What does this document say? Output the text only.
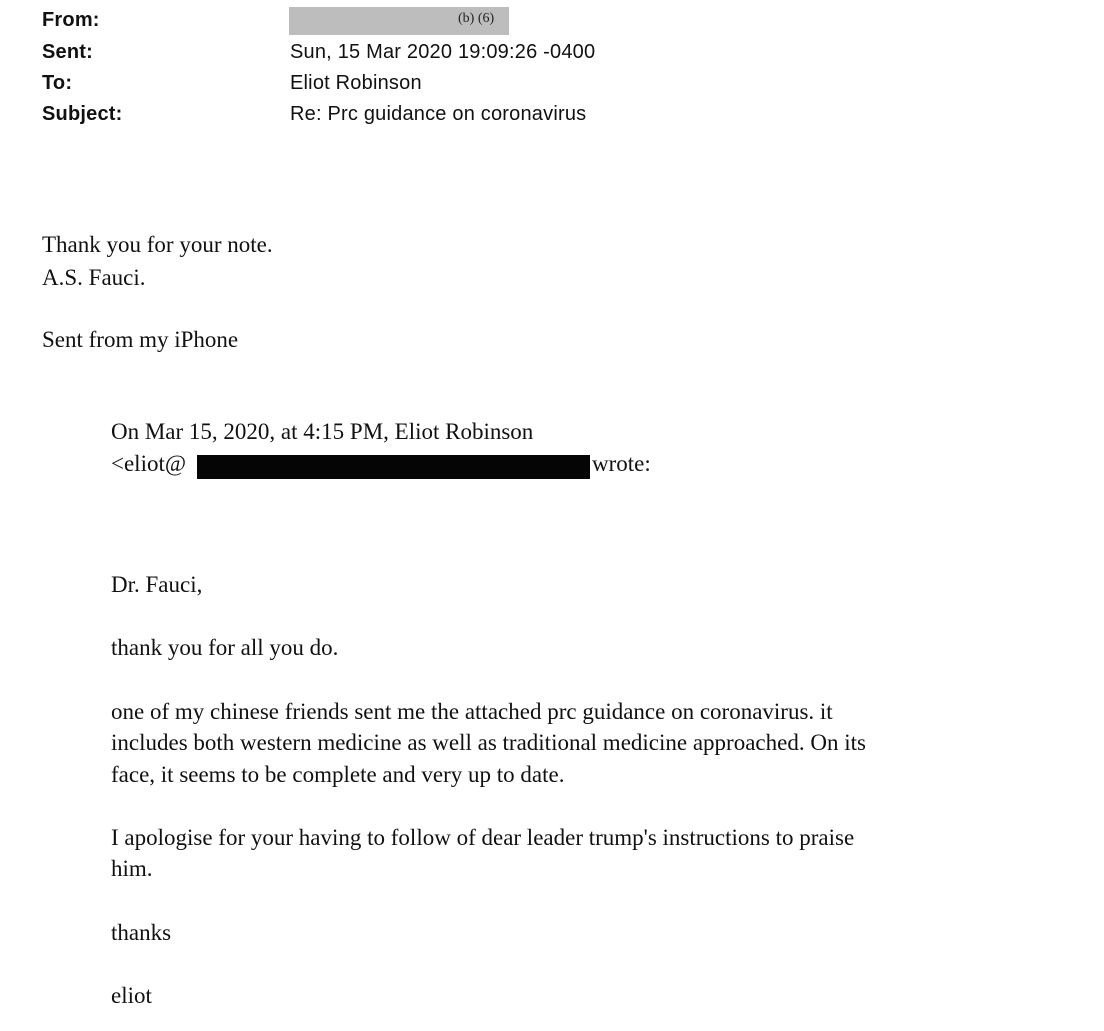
From:	(b) (6)
Sent:	Sun, 15 Mar 2020 19:09:26 -0400
To:	Eliot Robinson
Subject:	Re: Prc guidance on coronavirus
Thank you for your note.
A.S. Fauci.
Sent from my iPhone
On Mar 15, 2020, at 4:15 PM, Eliot Robinson
<eliot@	wrote:
Dr. Fauci,
thank you for all you do.
one of my chinese friends sent me the attached prc guidance on coronavirus. it
includes both western medicine as well as traditional medicine approached. On its
face, it seems to be complete and very up to date.
I apologise for your having to follow of dear leader trump's instructions to praise
him.
thanks
eliot
